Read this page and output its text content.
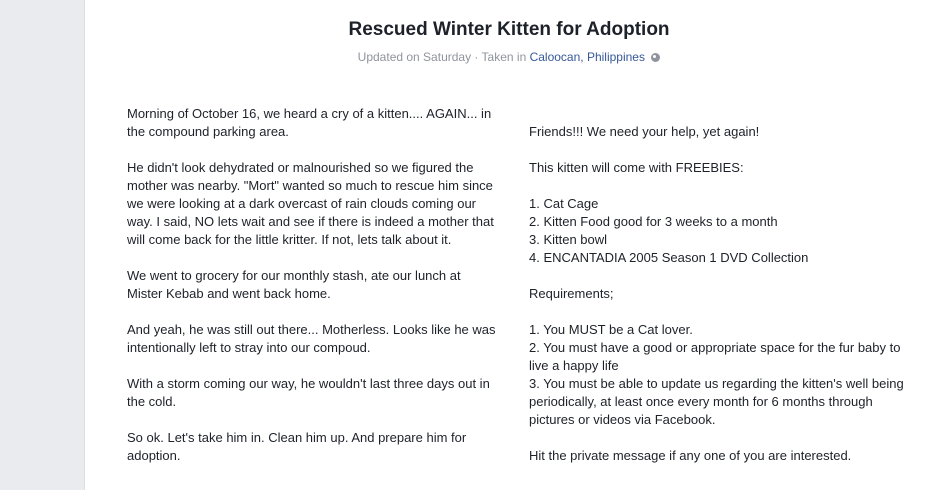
Rescued Winter Kitten for Adoption
Updated on Saturday · Taken in Caloocan, Philippines

Morning of October 16, we heard a cry of a kitten.... AGAIN... in the compound parking area.

He didn't look dehydrated or malnourished so we figured the mother was nearby. "Mort" wanted so much to rescue him since we were looking at a dark overcast of rain clouds coming our way. I said, NO lets wait and see if there is indeed a mother that will come back for the little kritter. If not, lets talk about it.

We went to grocery for our monthly stash, ate our lunch at Mister Kebab and went back home.

And yeah, he was still out there... Motherless. Looks like he was intentionally left to stray into our compoud.

With a storm coming our way, he wouldn't last three days out in the cold.

So ok. Let's take him in. Clean him up. And prepare him for adoption.

Friends!!! We need your help, yet again!

This kitten will come with FREEBIES:

1. Cat Cage
2. Kitten Food good for 3 weeks to a month
3. Kitten bowl
4. ENCANTADIA 2005 Season 1 DVD Collection

Requirements;

1. You MUST be a Cat lover.
2. You must have a good or appropriate space for the fur baby to live a happy life
3. You must be able to update us regarding the kitten's well being periodically, at least once every month for 6 months through pictures or videos via Facebook.

Hit the private message if any one of you are interested.
